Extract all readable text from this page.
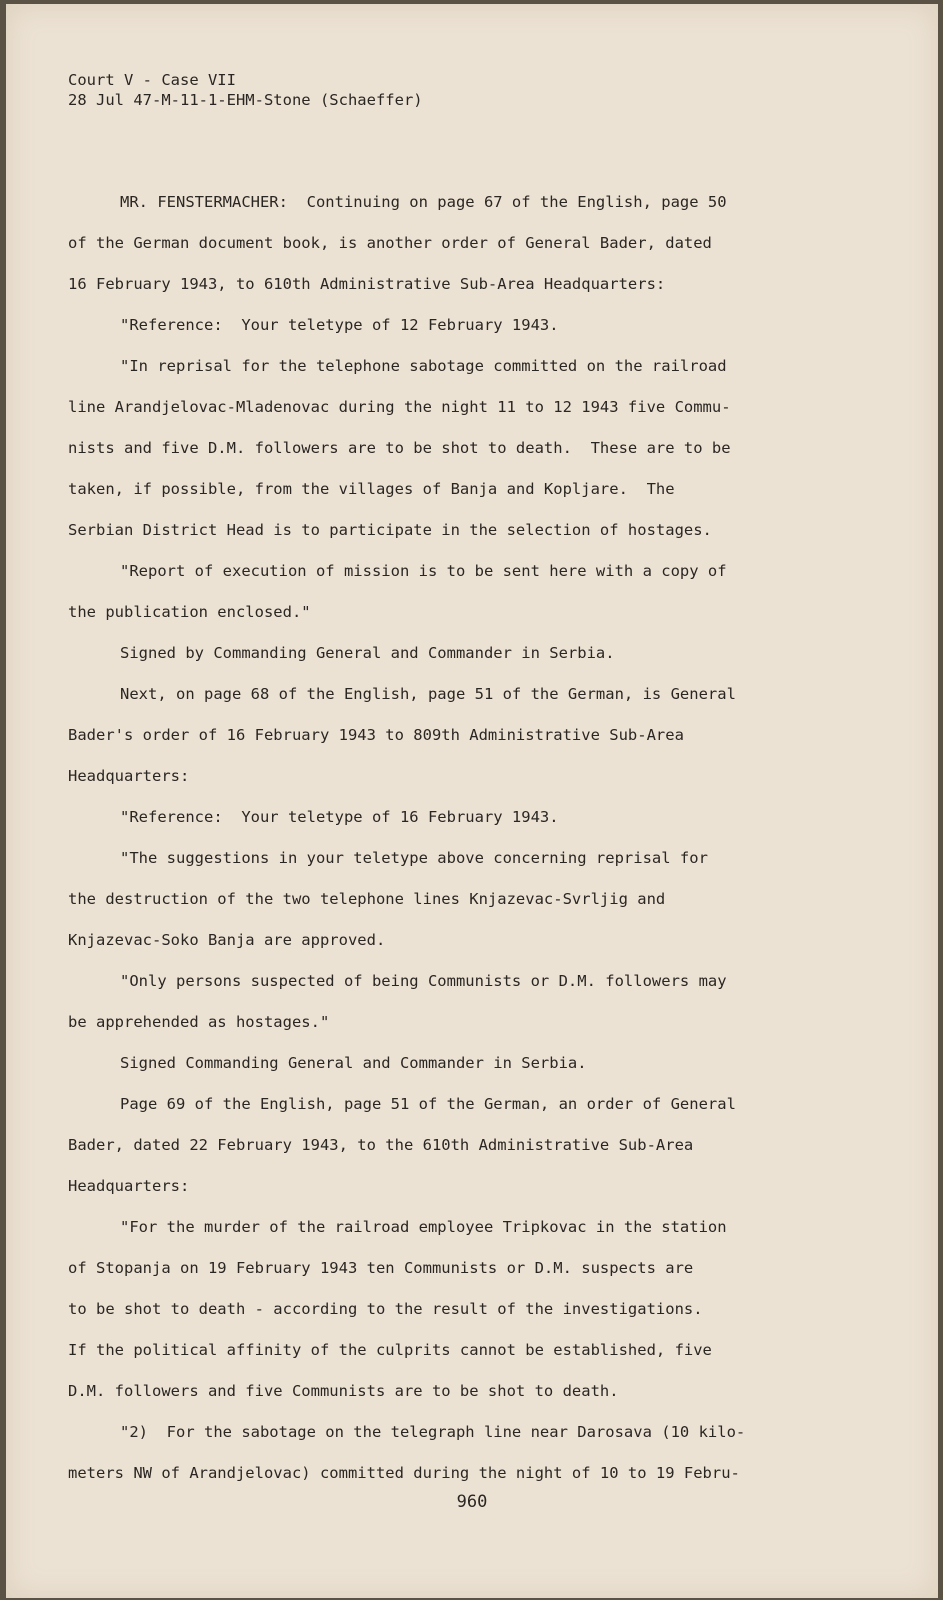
Court V - Case VII
28 Jul 47-M-11-1-EHM-Stone (Schaeffer)
MR. FENSTERMACHER:  Continuing on page 67 of the English, page 50
of the German document book, is another order of General Bader, dated
16 February 1943, to 610th Administrative Sub-Area Headquarters:
"Reference:  Your teletype of 12 February 1943.
"In reprisal for the telephone sabotage committed on the railroad
line Arandjelovac-Mladenovac during the night 11 to 12 1943 five Commu-
nists and five D.M. followers are to be shot to death.  These are to be
taken, if possible, from the villages of Banja and Kopljare.  The
Serbian District Head is to participate in the selection of hostages.
"Report of execution of mission is to be sent here with a copy of
the publication enclosed."
Signed by Commanding General and Commander in Serbia.
Next, on page 68 of the English, page 51 of the German, is General
Bader's order of 16 February 1943 to 809th Administrative Sub-Area
Headquarters:
"Reference:  Your teletype of 16 February 1943.
"The suggestions in your teletype above concerning reprisal for
the destruction of the two telephone lines Knjazevac-Svrljig and
Knjazevac-Soko Banja are approved.
"Only persons suspected of being Communists or D.M. followers may
be apprehended as hostages."
Signed Commanding General and Commander in Serbia.
Page 69 of the English, page 51 of the German, an order of General
Bader, dated 22 February 1943, to the 610th Administrative Sub-Area
Headquarters:
"For the murder of the railroad employee Tripkovac in the station
of Stopanja on 19 February 1943 ten Communists or D.M. suspects are
to be shot to death - according to the result of the investigations.
If the political affinity of the culprits cannot be established, five
D.M. followers and five Communists are to be shot to death.
"2)  For the sabotage on the telegraph line near Darosava (10 kilo-
meters NW of Arandjelovac) committed during the night of 10 to 19 Febru-
960
